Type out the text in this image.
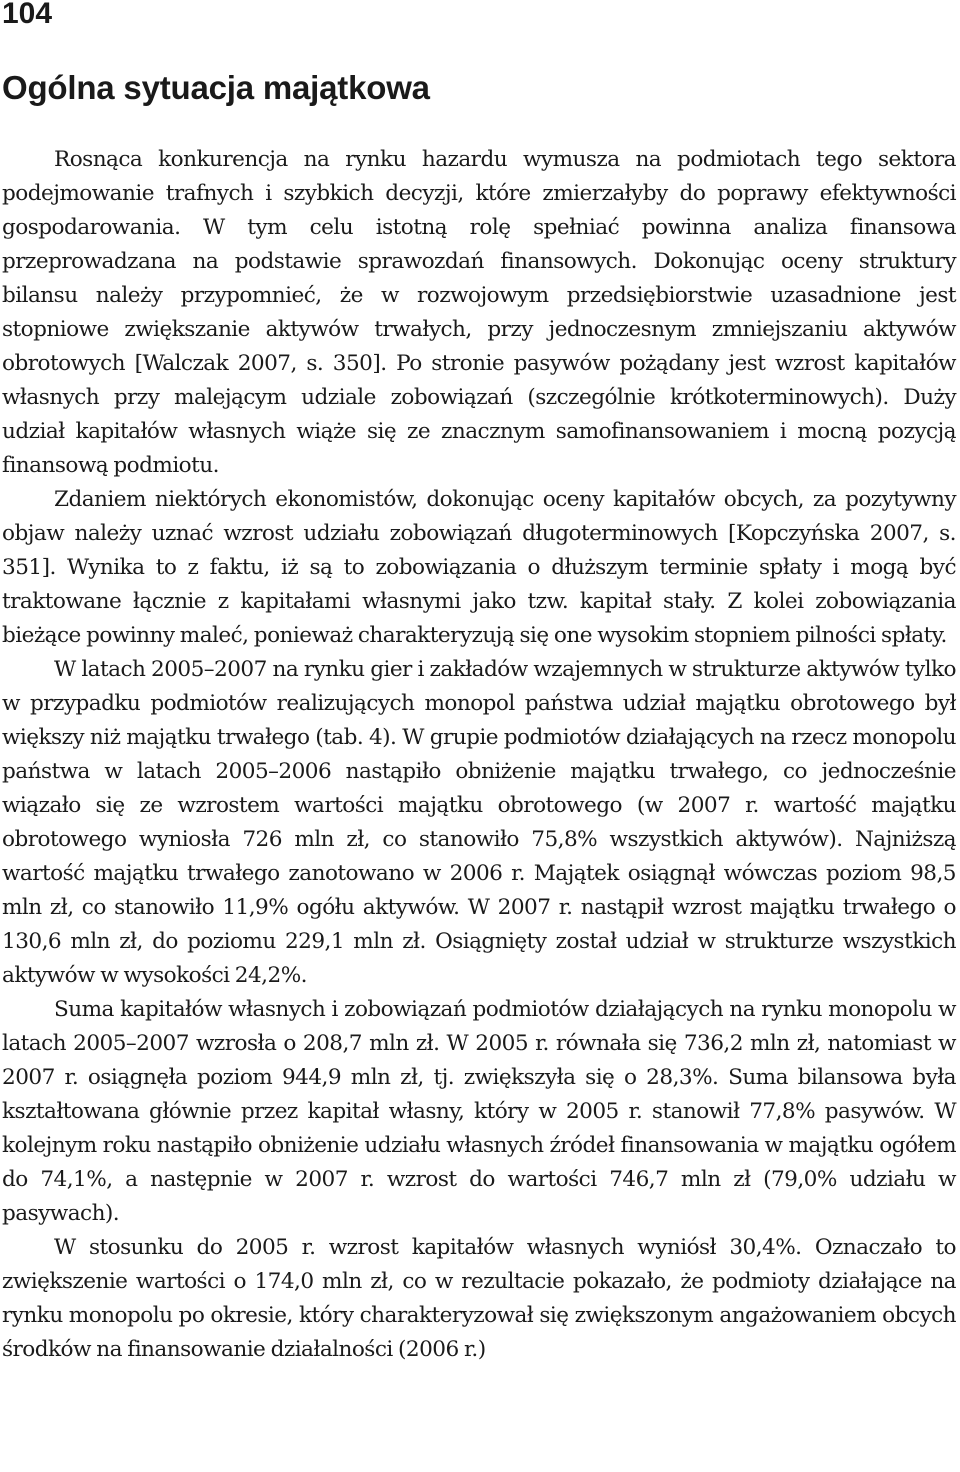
104
Ogólna sytuacja majątkowa

Rosnąca konkurencja na rynku hazardu wymusza na podmiotach tego sektora podejmowanie trafnych i szybkich decyzji, które zmierzałyby do poprawy efektywności gospodarowania. W tym celu istotną rolę spełniać powinna analiza finansowa przeprowadzana na podstawie sprawozdań finansowych. Dokonując oceny struktury bilansu należy przypomnieć, że w rozwojowym przedsiębiorstwie uzasadnione jest stopniowe zwiększanie aktywów trwałych, przy jednoczesnym zmniejszaniu aktywów obrotowych [Walczak 2007, s. 350]. Po stronie pasywów pożądany jest wzrost kapitałów własnych przy malejącym udziale zobowiązań (szczególnie krótkoterminowych). Duży udział kapitałów własnych wiąże się ze znacznym samofinansowaniem i mocną pozycją finansową podmiotu.

Zdaniem niektórych ekonomistów, dokonując oceny kapitałów obcych, za pozytywny objaw należy uznać wzrost udziału zobowiązań długoterminowych [Kopczyńska 2007, s. 351]. Wynika to z faktu, iż są to zobowiązania o dłuższym terminie spłaty i mogą być traktowane łącznie z kapitałami własnymi jako tzw. kapitał stały. Z kolei zobowiązania bieżące powinny maleć, ponieważ charakteryzują się one wysokim stopniem pilności spłaty.

W latach 2005–2007 na rynku gier i zakładów wzajemnych w strukturze aktywów tylko w przypadku podmiotów realizujących monopol państwa udział majątku obrotowego był większy niż majątku trwałego (tab. 4). W grupie podmiotów działających na rzecz monopolu państwa w latach 2005–2006 nastąpiło obniżenie majątku trwałego, co jednocześnie wiązało się ze wzrostem wartości majątku obrotowego (w 2007 r. wartość majątku obrotowego wyniosła 726 mln zł, co stanowiło 75,8% wszystkich aktywów). Najniższą wartość majątku trwałego zanotowano w 2006 r. Majątek osiągnął wówczas poziom 98,5 mln zł, co stanowiło 11,9% ogółu aktywów. W 2007 r. nastąpił wzrost majątku trwałego o 130,6 mln zł, do poziomu 229,1 mln zł. Osiągnięty został udział w strukturze wszystkich aktywów w wysokości 24,2%.

Suma kapitałów własnych i zobowiązań podmiotów działających na rynku monopolu w latach 2005–2007 wzrosła o 208,7 mln zł. W 2005 r. równała się 736,2 mln zł, natomiast w 2007 r. osiągnęła poziom 944,9 mln zł, tj. zwiększyła się o 28,3%. Suma bilansowa była kształtowana głównie przez kapitał własny, który w 2005 r. stanowił 77,8% pasywów. W kolejnym roku nastąpiło obniżenie udziału własnych źródeł finansowania w majątku ogółem do 74,1%, a następnie w 2007 r. wzrost do wartości 746,7 mln zł (79,0% udziału w pasywach).

W stosunku do 2005 r. wzrost kapitałów własnych wyniósł 30,4%. Oznaczało to zwiększenie wartości o 174,0 mln zł, co w rezultacie pokazało, że podmioty działające na rynku monopolu po okresie, który charakteryzował się zwiększonym angażowaniem obcych środków na finansowanie działalności (2006 r.)
